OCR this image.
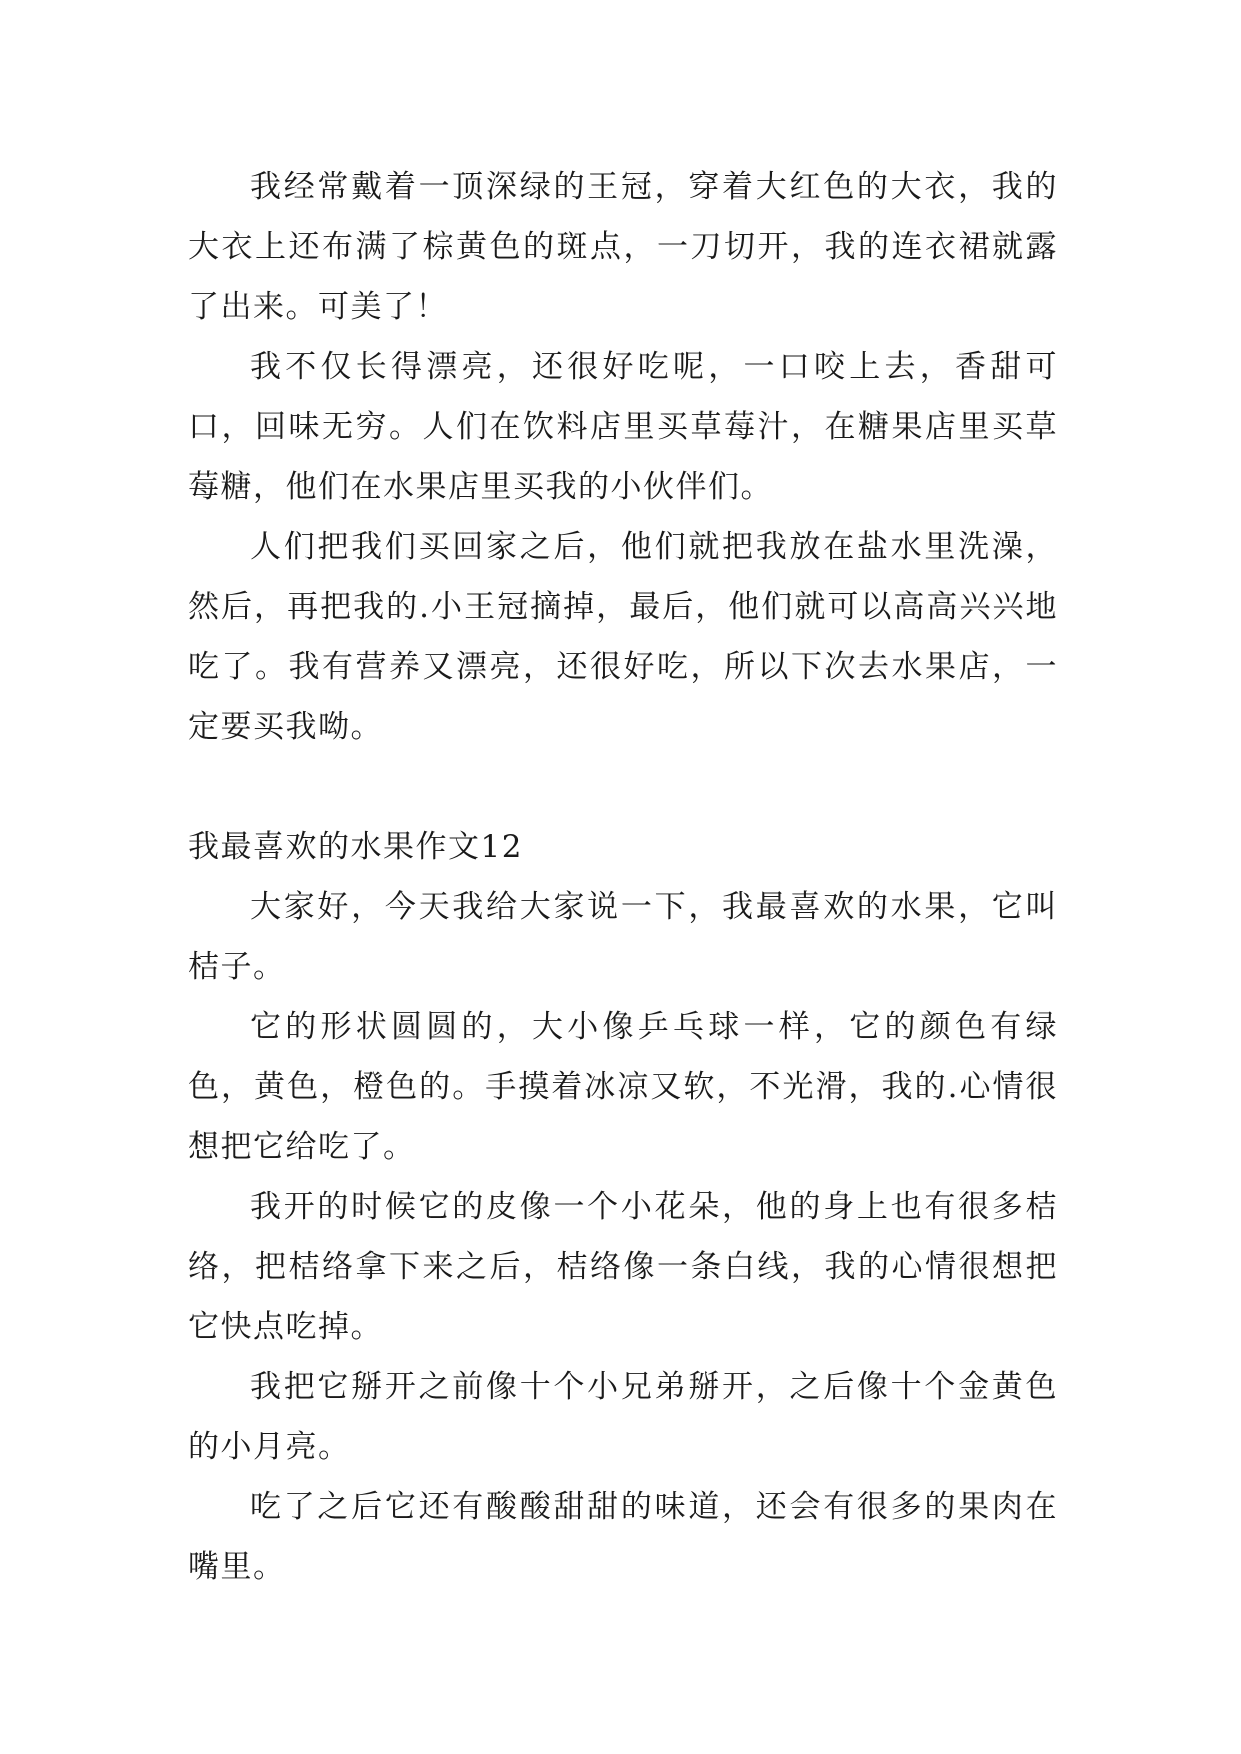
我经常戴着一顶深绿的王冠，穿着大红色的大衣，我的大衣上还布满了棕黄色的斑点，一刀切开，我的连衣裙就露了出来。可美了！

我不仅长得漂亮，还很好吃呢，一口咬上去，香甜可口，回味无穷。人们在饮料店里买草莓汁，在糖果店里买草莓糖，他们在水果店里买我的小伙伴们。

人们把我们买回家之后，他们就把我放在盐水里洗澡，然后，再把我的.小王冠摘掉，最后，他们就可以高高兴兴地吃了。我有营养又漂亮，还很好吃，所以下次去水果店，一定要买我呦。

我最喜欢的水果作文12

大家好，今天我给大家说一下，我最喜欢的水果，它叫桔子。

它的形状圆圆的，大小像乒乓球一样，它的颜色有绿色，黄色，橙色的。手摸着冰凉又软，不光滑，我的.心情很想把它给吃了。

我开的时候它的皮像一个小花朵，他的身上也有很多桔络，把桔络拿下来之后，桔络像一条白线，我的心情很想把它快点吃掉。

我把它掰开之前像十个小兄弟掰开，之后像十个金黄色的小月亮。

吃了之后它还有酸酸甜甜的味道，还会有很多的果肉在嘴里。
